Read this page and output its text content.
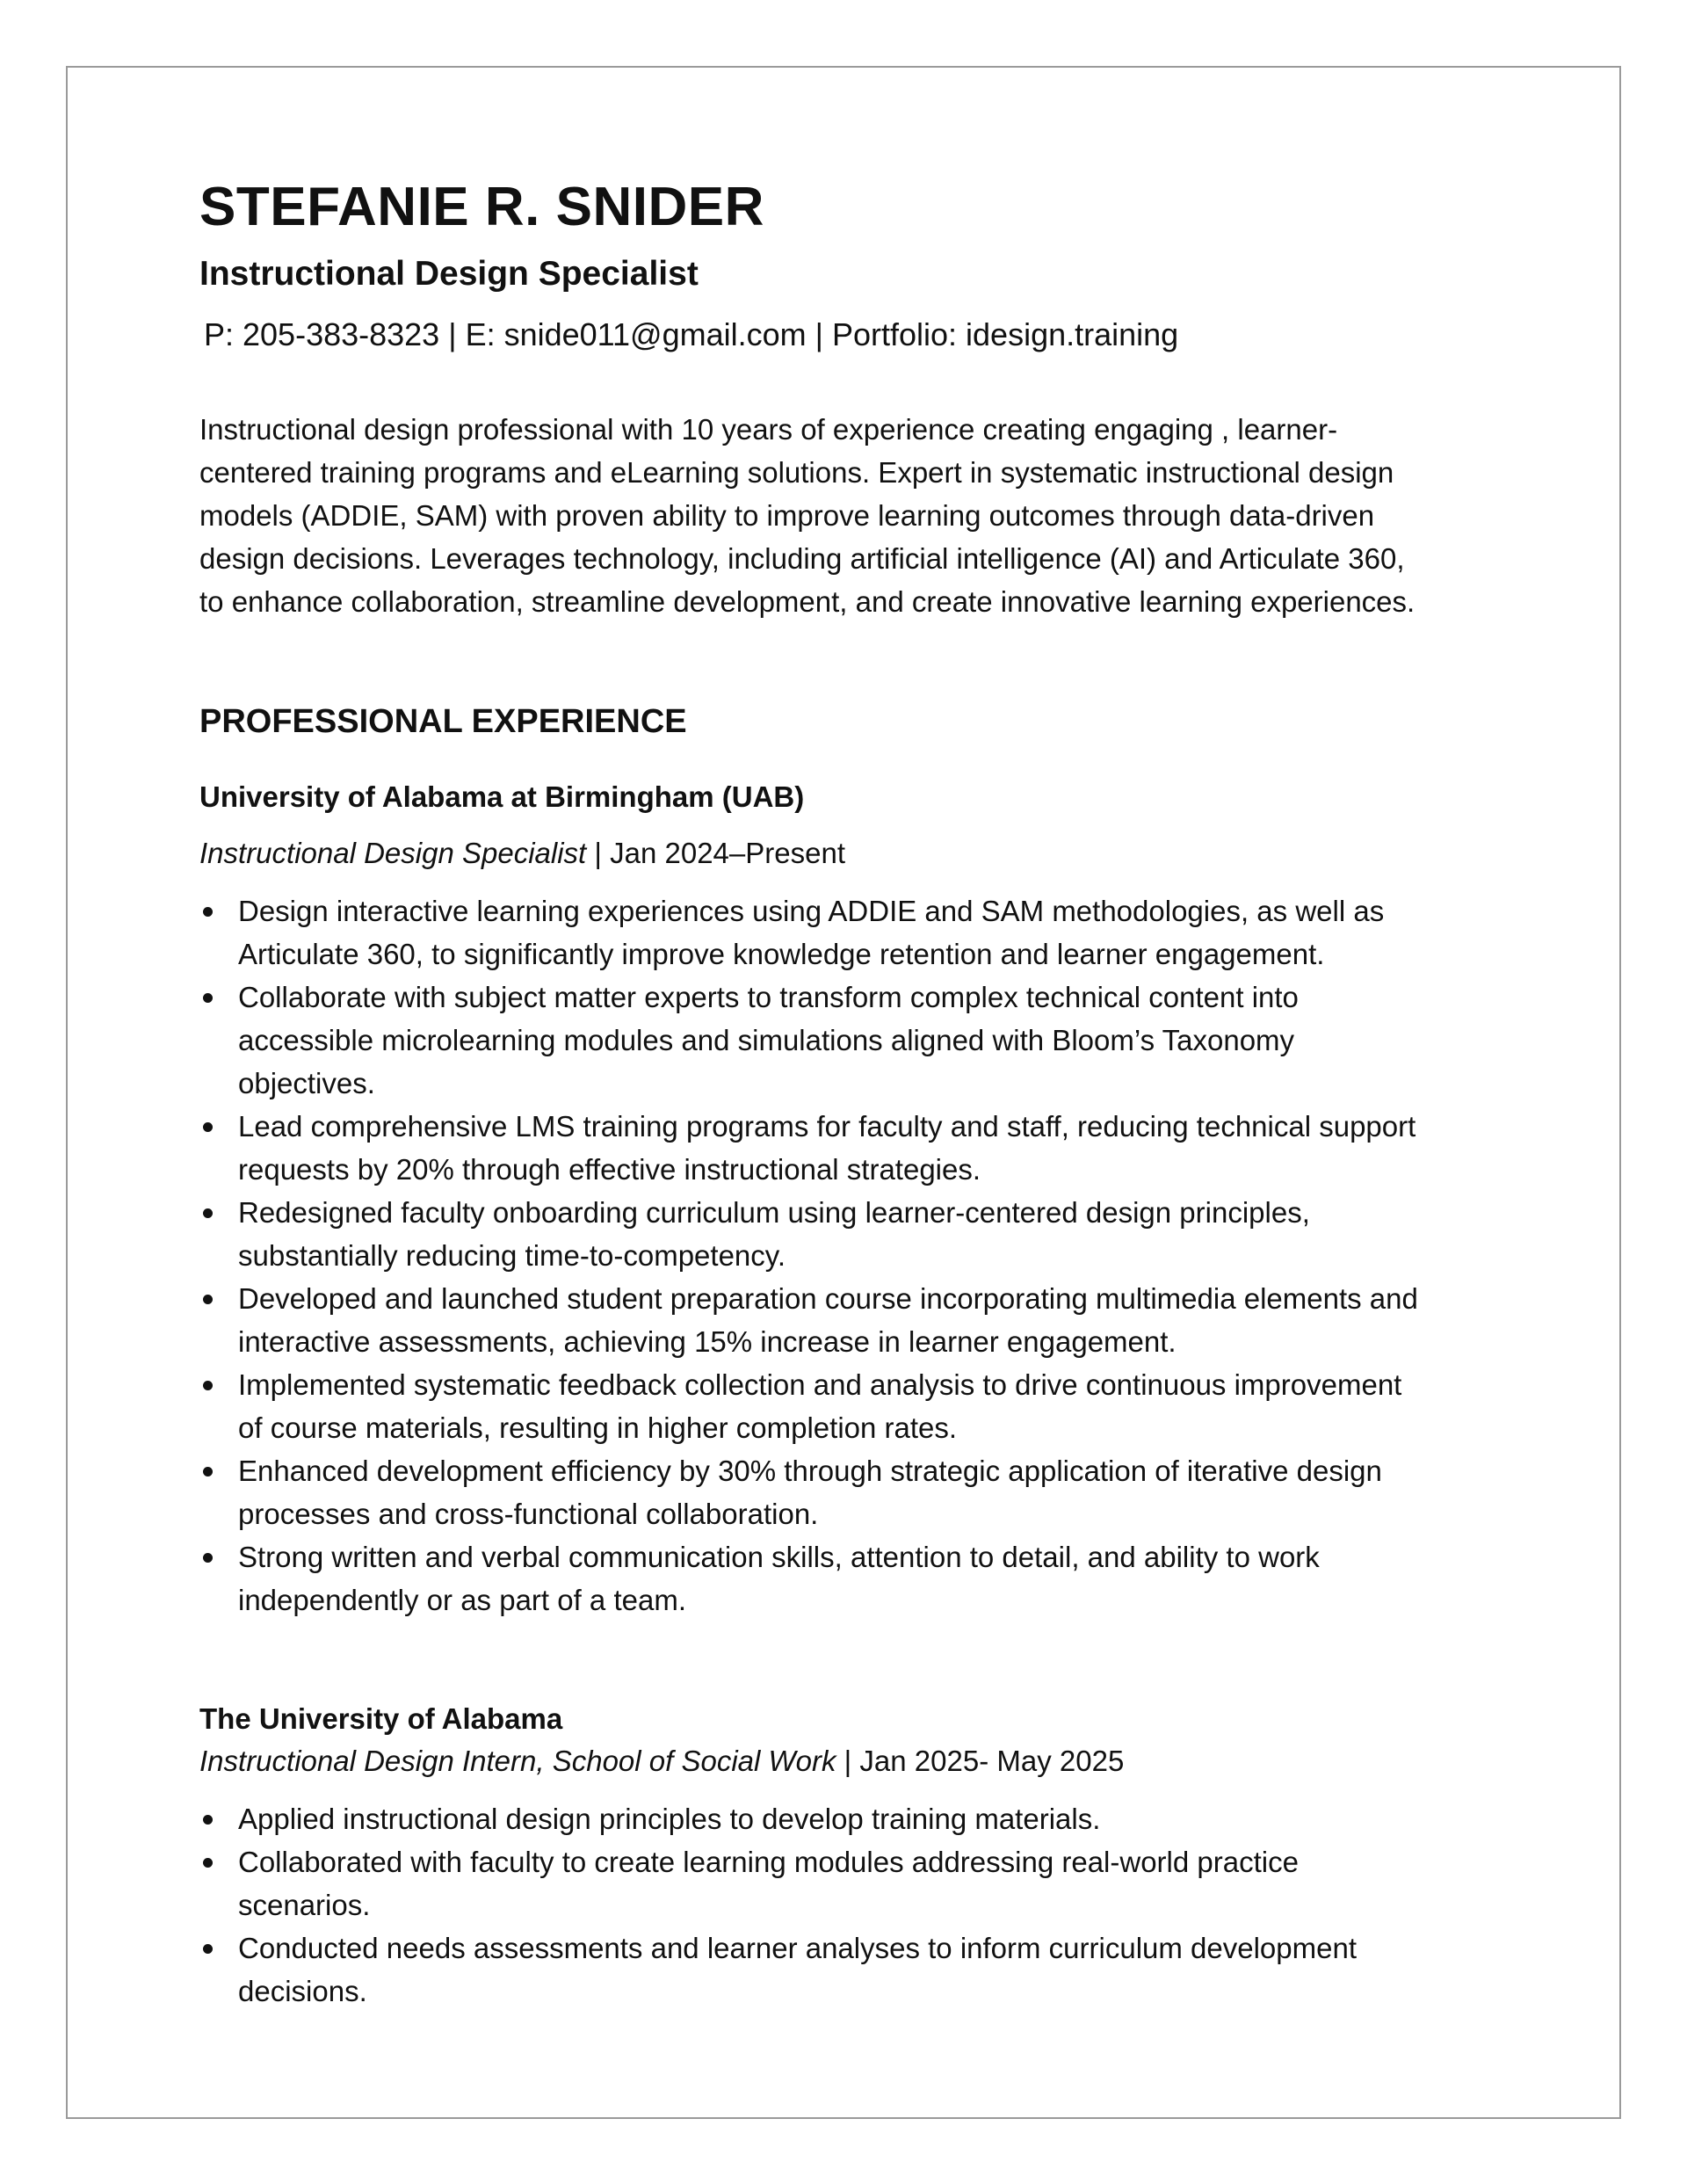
STEFANIE R. SNIDER
Instructional Design Specialist
P: 205-383-8323 | E: snide011@gmail.com | Portfolio: idesign.training
Instructional design professional with 10 years of experience creating engaging , learner-
centered training programs and eLearning solutions. Expert in systematic instructional design
models (ADDIE, SAM) with proven ability to improve learning outcomes through data-driven
design decisions. Leverages technology, including artificial intelligence (AI) and Articulate 360,
to enhance collaboration, streamline development, and create innovative learning experiences.
PROFESSIONAL EXPERIENCE
University of Alabama at Birmingham (UAB)
Instructional Design Specialist | Jan 2024–Present
Design interactive learning experiences using ADDIE and SAM methodologies, as well as
Articulate 360, to significantly improve knowledge retention and learner engagement.
Collaborate with subject matter experts to transform complex technical content into
accessible microlearning modules and simulations aligned with Bloom’s Taxonomy
objectives.
Lead comprehensive LMS training programs for faculty and staff, reducing technical support
requests by 20% through effective instructional strategies.
Redesigned faculty onboarding curriculum using learner-centered design principles,
substantially reducing time-to-competency.
Developed and launched student preparation course incorporating multimedia elements and
interactive assessments, achieving 15% increase in learner engagement.
Implemented systematic feedback collection and analysis to drive continuous improvement
of course materials, resulting in higher completion rates.
Enhanced development efficiency by 30% through strategic application of iterative design
processes and cross-functional collaboration.
Strong written and verbal communication skills, attention to detail, and ability to work
independently or as part of a team.
The University of Alabama
Instructional Design Intern, School of Social Work | Jan 2025- May 2025
Applied instructional design principles to develop training materials.
Collaborated with faculty to create learning modules addressing real-world practice
scenarios.
Conducted needs assessments and learner analyses to inform curriculum development
decisions.
